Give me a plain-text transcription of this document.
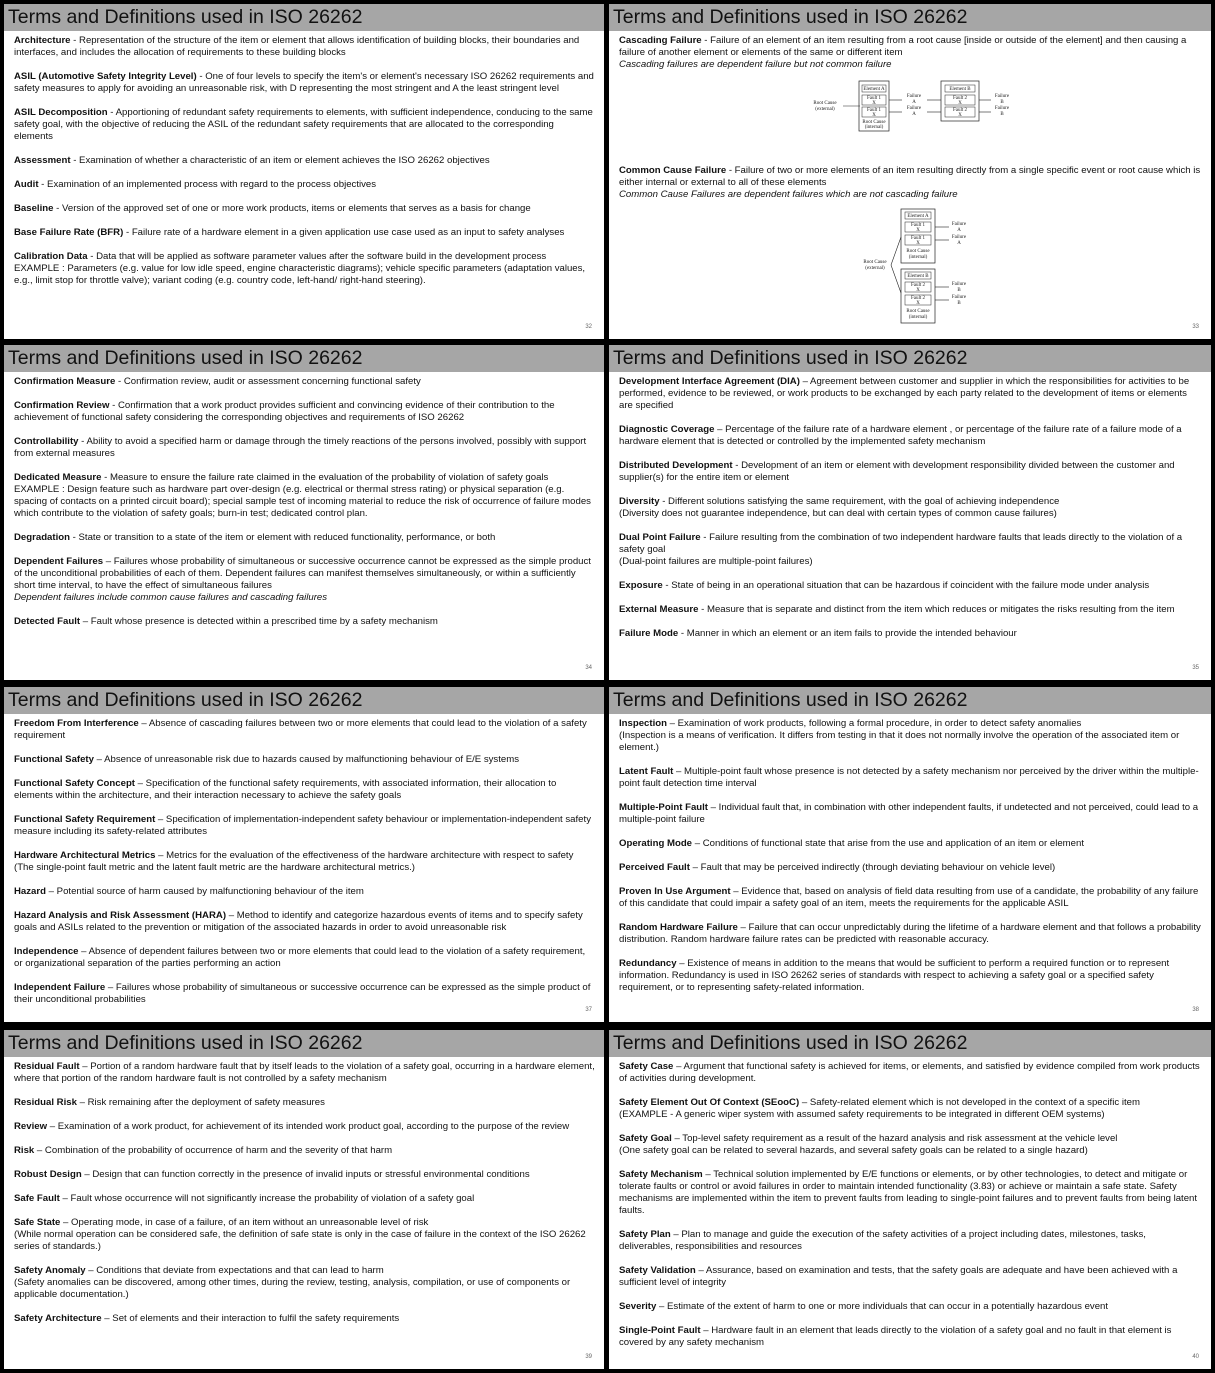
Terms and Definitions used in ISO 26262
Architecture - Representation of the structure of the item or element that allows identification of building blocks, their boundaries and interfaces, and includes the allocation of requirements to these building blocks
ASIL (Automotive Safety Integrity Level) - One of four levels to specify the item's or element's necessary ISO 26262 requirements and safety measures to apply for avoiding an unreasonable risk, with D representing the most stringent and A the least stringent level
ASIL Decomposition - Apportioning of redundant safety requirements to elements, with sufficient independence, conducing to the same safety goal, with the objective of reducing the ASIL of the redundant safety requirements that are allocated to the corresponding elements
Assessment - Examination of whether a characteristic of an item or element achieves the ISO 26262 objectives
Audit - Examination of an implemented process with regard to the process objectives
Baseline - Version of the approved set of one or more work products, items or elements that serves as a basis for change
Base Failure Rate (BFR) - Failure rate of a hardware element in a given application use case used as an input to safety analyses
Calibration Data - Data that will be applied as software parameter values after the software build in the development process
EXAMPLE : Parameters (e.g. value for low idle speed, engine characteristic diagrams); vehicle specific parameters (adaptation values, e.g., limit stop for throttle valve); variant coding (e.g. country code, left-hand/ right-hand steering).
32
Terms and Definitions used in ISO 26262
Cascading Failure - Failure of an element of an item resulting from a root cause [inside or outside of the element] and then causing a failure of another element or elements of the same or different item
Cascading failures are dependent failure but not common failure
Root Cause
(external)
Element A
Fault 1
X
Fault 1
X
Root Cause
(internal)
Failure
A
Failure
A
Element B
Fault 2
X
Fault 2
X
Failure
B
Failure
B
Common Cause Failure - Failure of two or more elements of an item resulting directly from a single specific event or root cause which is either internal or external to all of these elements
Common Cause Failures are dependent failures which are not cascading failure
Root Cause
(external)
Element A
Fault 1
X
Fault 1
X
Root Cause
(internal)
Failure
A
Failure
A
Element B
Fault 2
X
Fault 2
X
Root Cause
(internal)
Failure
B
Failure
B
33
Terms and Definitions used in ISO 26262
Confirmation Measure - Confirmation review, audit or assessment concerning functional safety
Confirmation Review - Confirmation that a work product provides sufficient and convincing evidence of their contribution to the achievement of functional safety considering the corresponding objectives and requirements of ISO 26262
Controllability - Ability to avoid a specified harm or damage through the timely reactions of the persons involved, possibly with support from external measures
Dedicated Measure - Measure to ensure the failure rate claimed in the evaluation of the probability of violation of safety goals
EXAMPLE : Design feature such as hardware part over-design (e.g. electrical or thermal stress rating) or physical separation (e.g. spacing of contacts on a printed circuit board); special sample test of incoming material to reduce the risk of occurrence of failure modes which contribute to the violation of safety goals; burn-in test; dedicated control plan.
Degradation - State or transition to a state of the item or element with reduced functionality, performance, or both
Dependent Failures – Failures whose probability of simultaneous or successive occurrence cannot be expressed as the simple product of the unconditional probabilities of each of them. Dependent failures can manifest themselves simultaneously, or within a sufficiently short time interval, to have the effect of simultaneous failures
Dependent failures include common cause failures and cascading failures
Detected Fault – Fault whose presence is detected within a prescribed time by a safety mechanism
34
Terms and Definitions used in ISO 26262
Development Interface Agreement (DIA) – Agreement between customer and supplier in which the responsibilities for activities to be performed, evidence to be reviewed, or work products to be exchanged by each party related to the development of items or elements are specified
Diagnostic Coverage – Percentage of the failure rate of a hardware element , or percentage of the failure rate of a failure mode of a hardware element that is detected or controlled by the implemented safety mechanism
Distributed Development - Development of an item or element with development responsibility divided between the customer and supplier(s) for the entire item or element
Diversity - Different solutions satisfying the same requirement, with the goal of achieving independence
(Diversity does not guarantee independence, but can deal with certain types of common cause failures)
Dual Point Failure - Failure resulting from the combination of two independent hardware faults that leads directly to the violation of a safety goal
(Dual-point failures are multiple-point failures)
Exposure - State of being in an operational situation that can be hazardous if coincident with the failure mode under analysis
External Measure - Measure that is separate and distinct from the item which reduces or mitigates the risks resulting from the item
Failure Mode - Manner in which an element or an item fails to provide the intended behaviour
35
Terms and Definitions used in ISO 26262
Freedom From Interference – Absence of cascading failures between two or more elements that could lead to the violation of a safety requirement
Functional Safety – Absence of unreasonable risk due to hazards caused by malfunctioning behaviour of E/E systems
Functional Safety Concept – Specification of the functional safety requirements, with associated information, their allocation to elements within the architecture, and their interaction necessary to achieve the safety goals
Functional Safety Requirement – Specification of implementation-independent safety behaviour or implementation-independent safety measure including its safety-related attributes
Hardware Architectural Metrics – Metrics for the evaluation of the effectiveness of the hardware architecture with respect to safety
(The single-point fault metric and the latent fault metric are the hardware architectural metrics.)
Hazard – Potential source of harm caused by malfunctioning behaviour of the item
Hazard Analysis and Risk Assessment (HARA) – Method to identify and categorize hazardous events of items and to specify safety goals and ASILs related to the prevention or mitigation of the associated hazards in order to avoid unreasonable risk
Independence – Absence of dependent failures between two or more elements that could lead to the violation of a safety requirement, or organizational separation of the parties performing an action
Independent Failure – Failures whose probability of simultaneous or successive occurrence can be expressed as the simple product of their unconditional probabilities
37
Terms and Definitions used in ISO 26262
Inspection – Examination of work products, following a formal procedure, in order to detect safety anomalies
(Inspection is a means of verification. It differs from testing in that it does not normally involve the operation of the associated item or element.)
Latent Fault – Multiple-point fault whose presence is not detected by a safety mechanism nor perceived by the driver within the multiple-point fault detection time interval
Multiple-Point Fault – Individual fault that, in combination with other independent faults, if undetected and not perceived, could lead to a multiple-point failure
Operating Mode – Conditions of functional state that arise from the use and application of an item or element
Perceived Fault – Fault that may be perceived indirectly (through deviating behaviour on vehicle level)
Proven In Use Argument – Evidence that, based on analysis of field data resulting from use of a candidate, the probability of any failure of this candidate that could impair a safety goal of an item, meets the requirements for the applicable ASIL
Random Hardware Failure – Failure that can occur unpredictably during the lifetime of a hardware element and that follows a probability distribution. Random hardware failure rates can be predicted with reasonable accuracy.
Redundancy – Existence of means in addition to the means that would be sufficient to perform a required function or to represent information. Redundancy is used in ISO 26262 series of standards with respect to achieving a safety goal or a specified safety requirement, or to representing safety-related information.
38
Terms and Definitions used in ISO 26262
Residual Fault – Portion of a random hardware fault that by itself leads to the violation of a safety goal, occurring in a hardware element, where that portion of the random hardware fault is not controlled by a safety mechanism
Residual Risk – Risk remaining after the deployment of safety measures
Review – Examination of a work product, for achievement of its intended work product goal, according to the purpose of the review
Risk – Combination of the probability of occurrence of harm and the severity of that harm
Robust Design – Design that can function correctly in the presence of invalid inputs or stressful environmental conditions
Safe Fault – Fault whose occurrence will not significantly increase the probability of violation of a safety goal
Safe State – Operating mode, in case of a failure, of an item without an unreasonable level of risk
(While normal operation can be considered safe, the definition of safe state is only in the case of failure in the context of the ISO 26262 series of standards.)
Safety Anomaly – Conditions that deviate from expectations and that can lead to harm
(Safety anomalies can be discovered, among other times, during the review, testing, analysis, compilation, or use of components or applicable documentation.)
Safety Architecture – Set of elements and their interaction to fulfil the safety requirements
39
Terms and Definitions used in ISO 26262
Safety Case – Argument that functional safety is achieved for items, or elements, and satisfied by evidence compiled from work products of activities during development.
Safety Element Out Of Context (SEooC) – Safety-related element which is not developed in the context of a specific item
(EXAMPLE - A generic wiper system with assumed safety requirements to be integrated in different OEM systems)
Safety Goal – Top-level safety requirement as a result of the hazard analysis and risk assessment at the vehicle level
(One safety goal can be related to several hazards, and several safety goals can be related to a single hazard)
Safety Mechanism – Technical solution implemented by E/E functions or elements, or by other technologies, to detect and mitigate or tolerate faults or control or avoid failures in order to maintain intended functionality (3.83) or achieve or maintain a safe state. Safety mechanisms are implemented within the item to prevent faults from leading to single-point failures and to prevent faults from being latent faults.
Safety Plan – Plan to manage and guide the execution of the safety activities of a project including dates, milestones, tasks, deliverables, responsibilities and resources
Safety Validation – Assurance, based on examination and tests, that the safety goals are adequate and have been achieved with a sufficient level of integrity
Severity – Estimate of the extent of harm to one or more individuals that can occur in a potentially hazardous event
Single-Point Fault – Hardware fault in an element that leads directly to the violation of a safety goal and no fault in that element is covered by any safety mechanism
40
